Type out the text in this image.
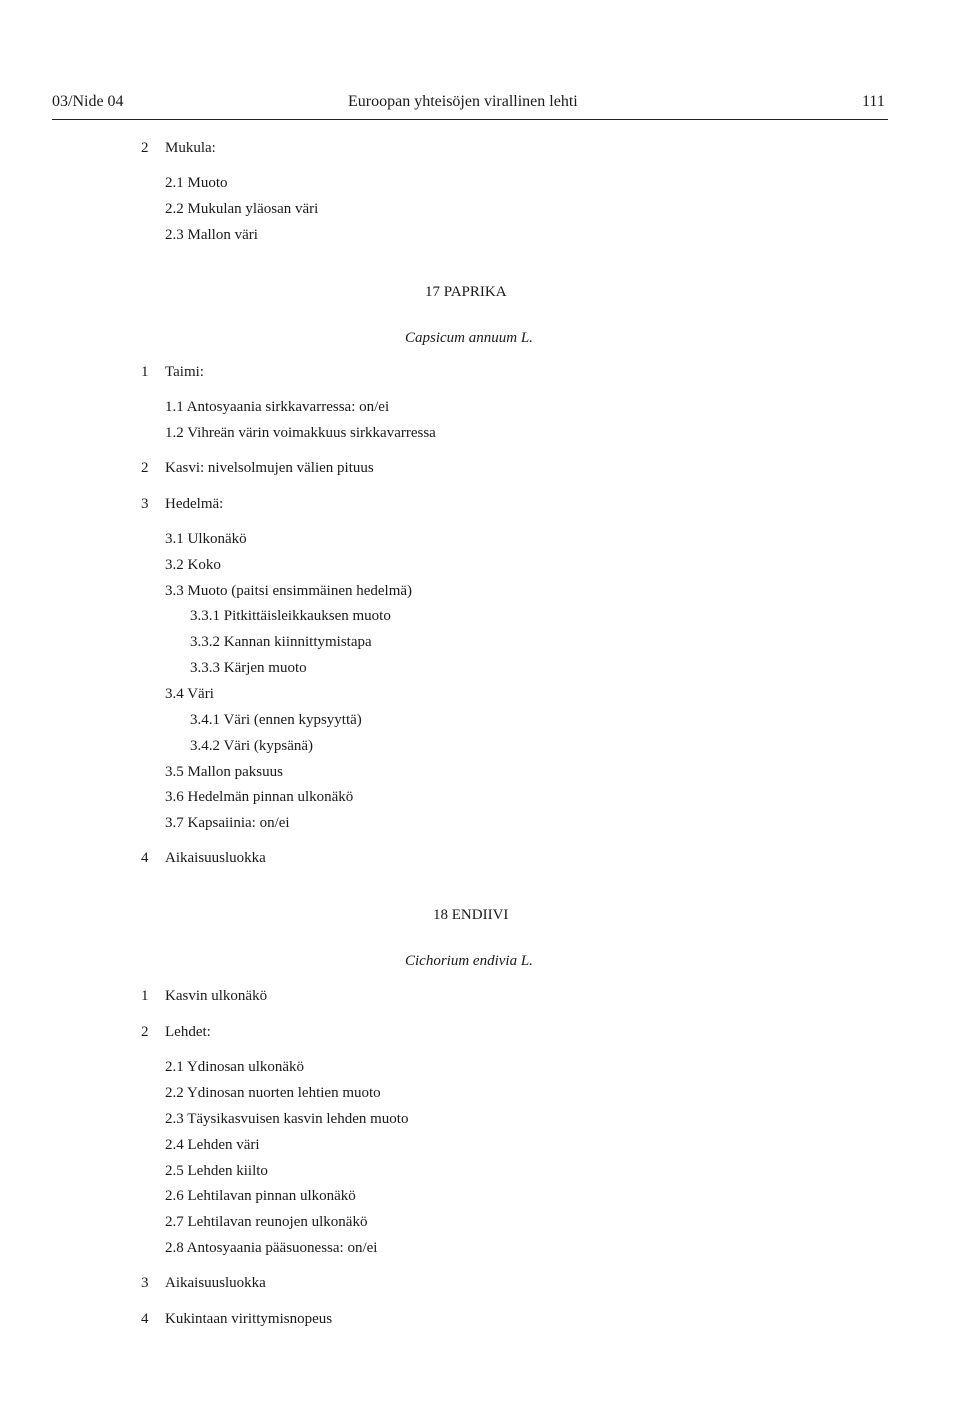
03/Nide 04	Euroopan yhteisöjen virallinen lehti	111
2 Mukula:
2.1 Muoto
2.2 Mukulan yläosan väri
2.3 Mallon väri
17 PAPRIKA
Capsicum annuum L.
1 Taimi:
1.1 Antosyaania sirkkavarressa: on/ei
1.2 Vihreän värin voimakkuus sirkkavarressa
2 Kasvi: nivelsolmujen välien pituus
3 Hedelmä:
3.1 Ulkonäkö
3.2 Koko
3.3 Muoto (paitsi ensimmäinen hedelmä)
3.3.1 Pitkittäisleikkauksen muoto
3.3.2 Kannan kiinnittymistapa
3.3.3 Kärjen muoto
3.4 Väri
3.4.1 Väri (ennen kypsyyttä)
3.4.2 Väri (kypsänä)
3.5 Mallon paksuus
3.6 Hedelmän pinnan ulkonäkö
3.7 Kapsaiinia: on/ei
4 Aikaisuusluokka
18 ENDIIVI
Cichorium endivia L.
1 Kasvin ulkonäkö
2 Lehdet:
2.1 Ydinosan ulkonäkö
2.2 Ydinosan nuorten lehtien muoto
2.3 Täysikasvuisen kasvin lehden muoto
2.4 Lehden väri
2.5 Lehden kiilto
2.6 Lehtilavan pinnan ulkonäkö
2.7 Lehtilavan reunojen ulkonäkö
2.8 Antosyaania pääsuonessa: on/ei
3 Aikaisuusluokka
4 Kukintaan virittymisnopeus
